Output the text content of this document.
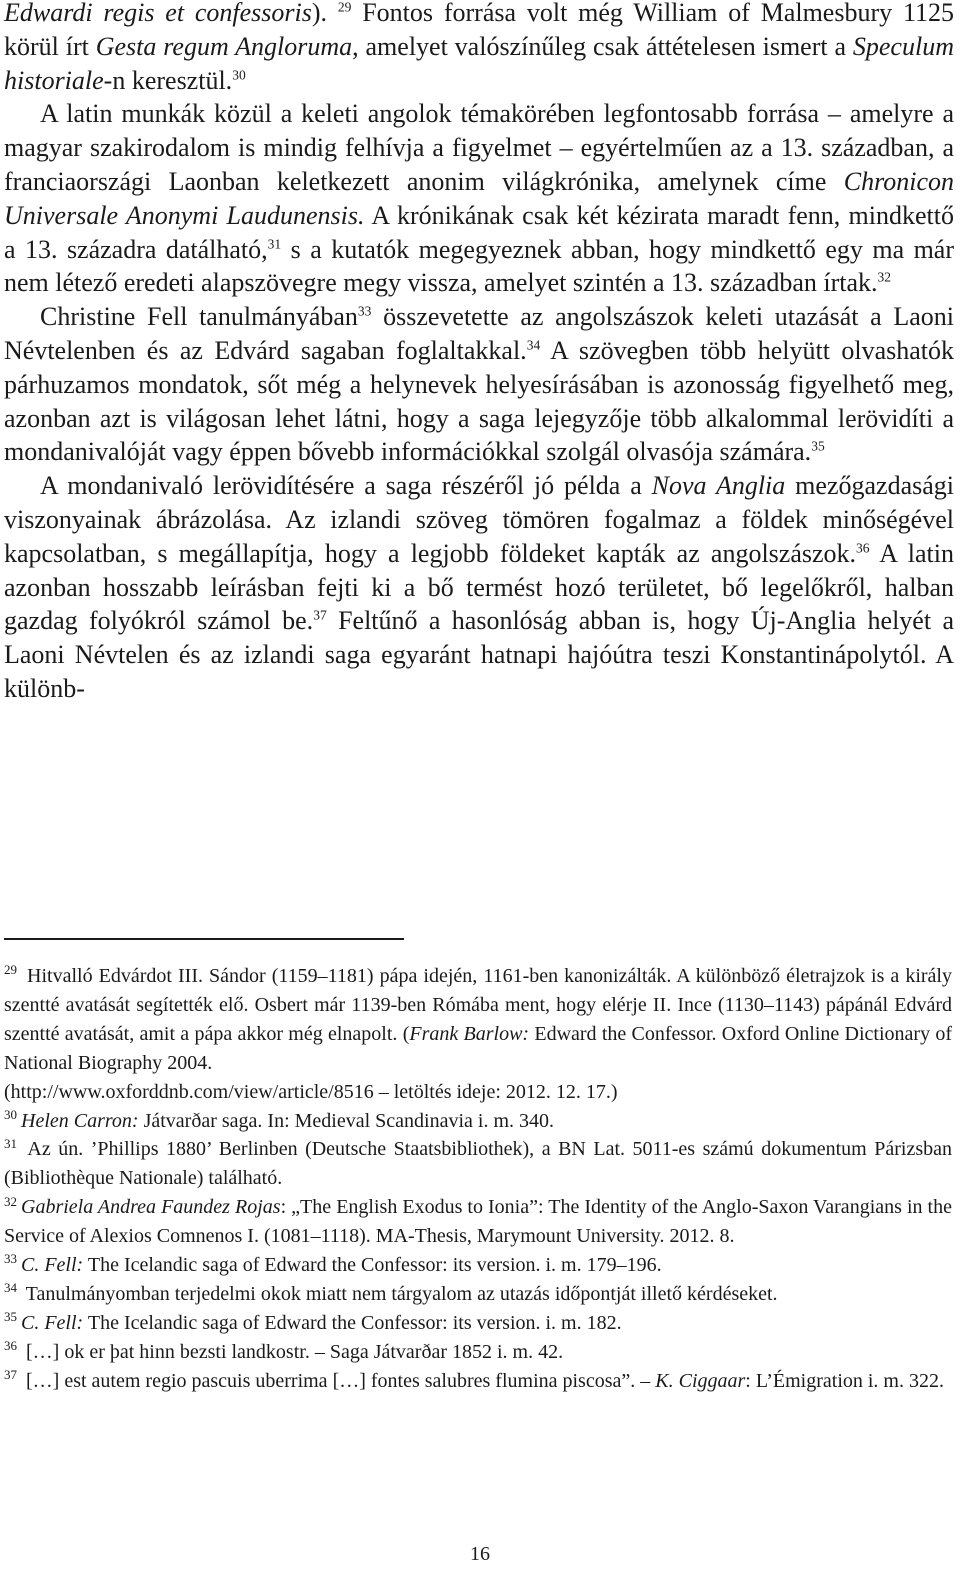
Edwardi regis et confessoris). $^{29}$ Fontos forrása volt még William of Malmesbury 1125 körül írt Gesta regum Angloruma, amelyet valószínűleg csak áttételesen ismert a Speculum historiale-n keresztül.$^{30}$

A latin munkák közül a keleti angolok témakörében legfontosabb forrása – amelyre a magyar szakirodalom is mindig felhívja a figyelmet – egyértelműen az a 13. században, a franciaországi Laonban keletkezett anonim világkrónika, amelynek címe Chronicon Universale Anonymi Laudunensis. A krónikának csak két kézirata maradt fenn, mindkettő a 13. századra datálható,$^{31}$ s a kutatók megegyeznek abban, hogy mindkettő egy ma már nem létező eredeti alapszövegre megy vissza, amelyet szintén a 13. században írtak.$^{32}$

Christine Fell tanulmányában$^{33}$ összevetette az angolszászok keleti utazását a Laoni Névtelenben és az Edvárd sagaban foglaltakkal.$^{34}$ A szövegben több helyütt olvashatók párhuzamos mondatok, sőt még a helynevek helyesírásában is azonosság figyelhető meg, azonban azt is világosan lehet látni, hogy a saga lejegyzője több alkalommal lerövidíti a mondanivalóját vagy éppen bővebb információkkal szolgál olvasója számára.$^{35}$

A mondanivaló lerövidítésére a saga részéről jó példa a Nova Anglia mezőgazdasági viszonyainak ábrázolása. Az izlandi szöveg tömören fogalmaz a földek minőségével kapcsolatban, s megállapítja, hogy a legjobb földeket kapták az angolszászok.$^{36}$ A latin azonban hosszabb leírásban fejti ki a bő termést hozó területet, bő legelőkről, halban gazdag folyókról számol be.$^{37}$ Feltűnő a hasonlóság abban is, hogy Új-Anglia helyét a Laoni Névtelen és az izlandi saga egyaránt hatnapi hajóútra teszi Konstantinápolytól. A különb-

$^{29}$ Hitvalló Edvárdot III. Sándor (1159–1181) pápa idején, 1161-ben kanonizálták. A különböző életrajzok is a király szentté avatását segítették elő. Osbert már 1139-ben Rómába ment, hogy elérje II. Ince (1130–1143) pápánál Edvárd szentté avatását, amit a pápa akkor még elnapolt. (Frank Barlow: Edward the Confessor. Oxford Online Dictionary of National Biography 2004.

(http://www.oxforddnb.com/view/article/8516 – letöltés ideje: 2012. 12. 17.)

$^{30}$ Helen Carron: Játvarðar saga. In: Medieval Scandinavia i. m. 340.

$^{31}$ Az ún. ’Phillips 1880’ Berlinben (Deutsche Staatsbibliothek), a BN Lat. 5011-es számú dokumentum Párizsban (Bibliothèque Nationale) található.

$^{32}$ Gabriela Andrea Faundez Rojas: „The English Exodus to Ionia”: The Identity of the Anglo-Saxon Varangians in the Service of Alexios Comnenos I. (1081–1118). MA-Thesis, Marymount University. 2012. 8.

$^{33}$ C. Fell: The Icelandic saga of Edward the Confessor: its version. i. m. 179–196.

$^{34}$ Tanulmányomban terjedelmi okok miatt nem tárgyalom az utazás időpontját illető kérdéseket.

$^{35}$ C. Fell: The Icelandic saga of Edward the Confessor: its version. i. m. 182.

$^{36}$ […] ok er þat hinn bezsti landkostr. – Saga Játvarðar 1852 i. m. 42.

$^{37}$ […] est autem regio pascuis uberrima […] fontes salubres flumina piscosa”. – K. Ciggaar: L’Émigration i. m. 322.

16
